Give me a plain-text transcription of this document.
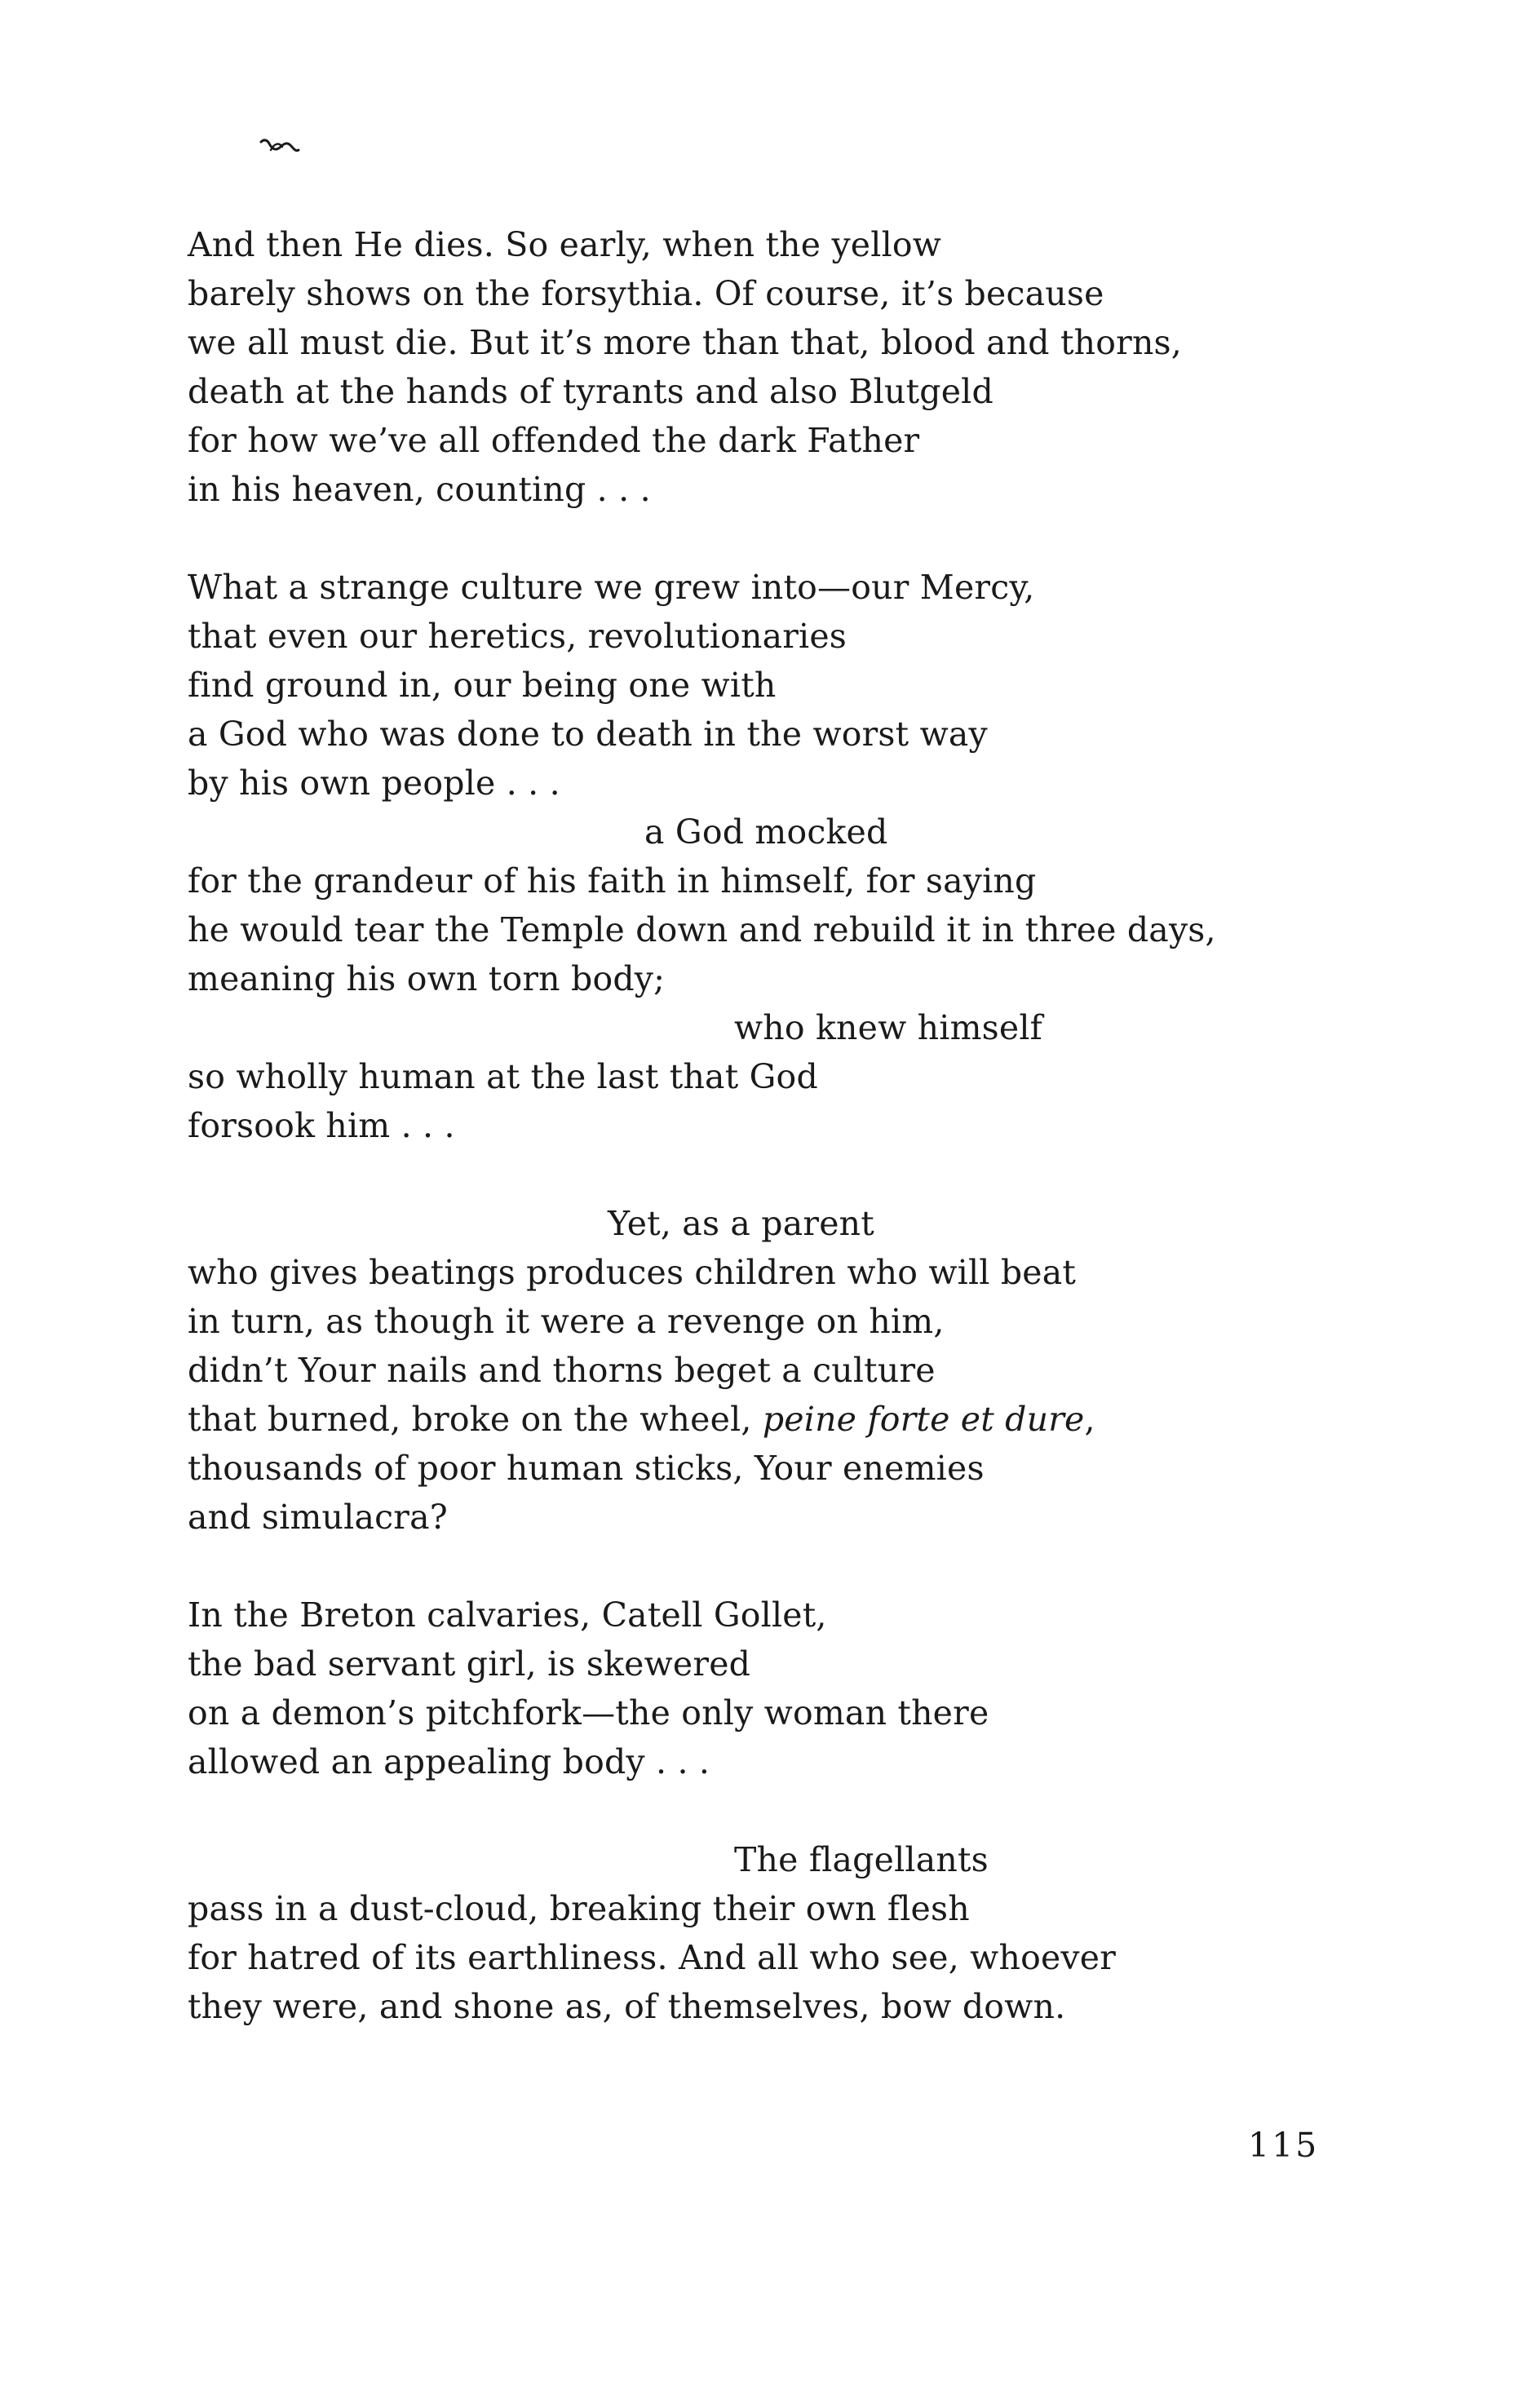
And then He dies. So early, when the yellow
barely shows on the forsythia. Of course, it’s because
we all must die. But it’s more than that, blood and thorns,
death at the hands of tyrants and also Blutgeld
for how we’ve all offended the dark Father
in his heaven, counting . . .
What a strange culture we grew into—our Mercy,
that even our heretics, revolutionaries
find ground in, our being one with
a God who was done to death in the worst way
by his own people . . .
a God mocked
for the grandeur of his faith in himself, for saying
he would tear the Temple down and rebuild it in three days,
meaning his own torn body;
who knew himself
so wholly human at the last that God
forsook him . . .
Yet, as a parent
who gives beatings produces children who will beat
in turn, as though it were a revenge on him,
didn’t Your nails and thorns beget a culture
that burned, broke on the wheel, peine forte et dure,
thousands of poor human sticks, Your enemies
and simulacra?
In the Breton calvaries, Catell Gollet,
the bad servant girl, is skewered
on a demon’s pitchfork—the only woman there
allowed an appealing body . . .
The flagellants
pass in a dust-cloud, breaking their own flesh
for hatred of its earthliness. And all who see, whoever
they were, and shone as, of themselves, bow down.
115
